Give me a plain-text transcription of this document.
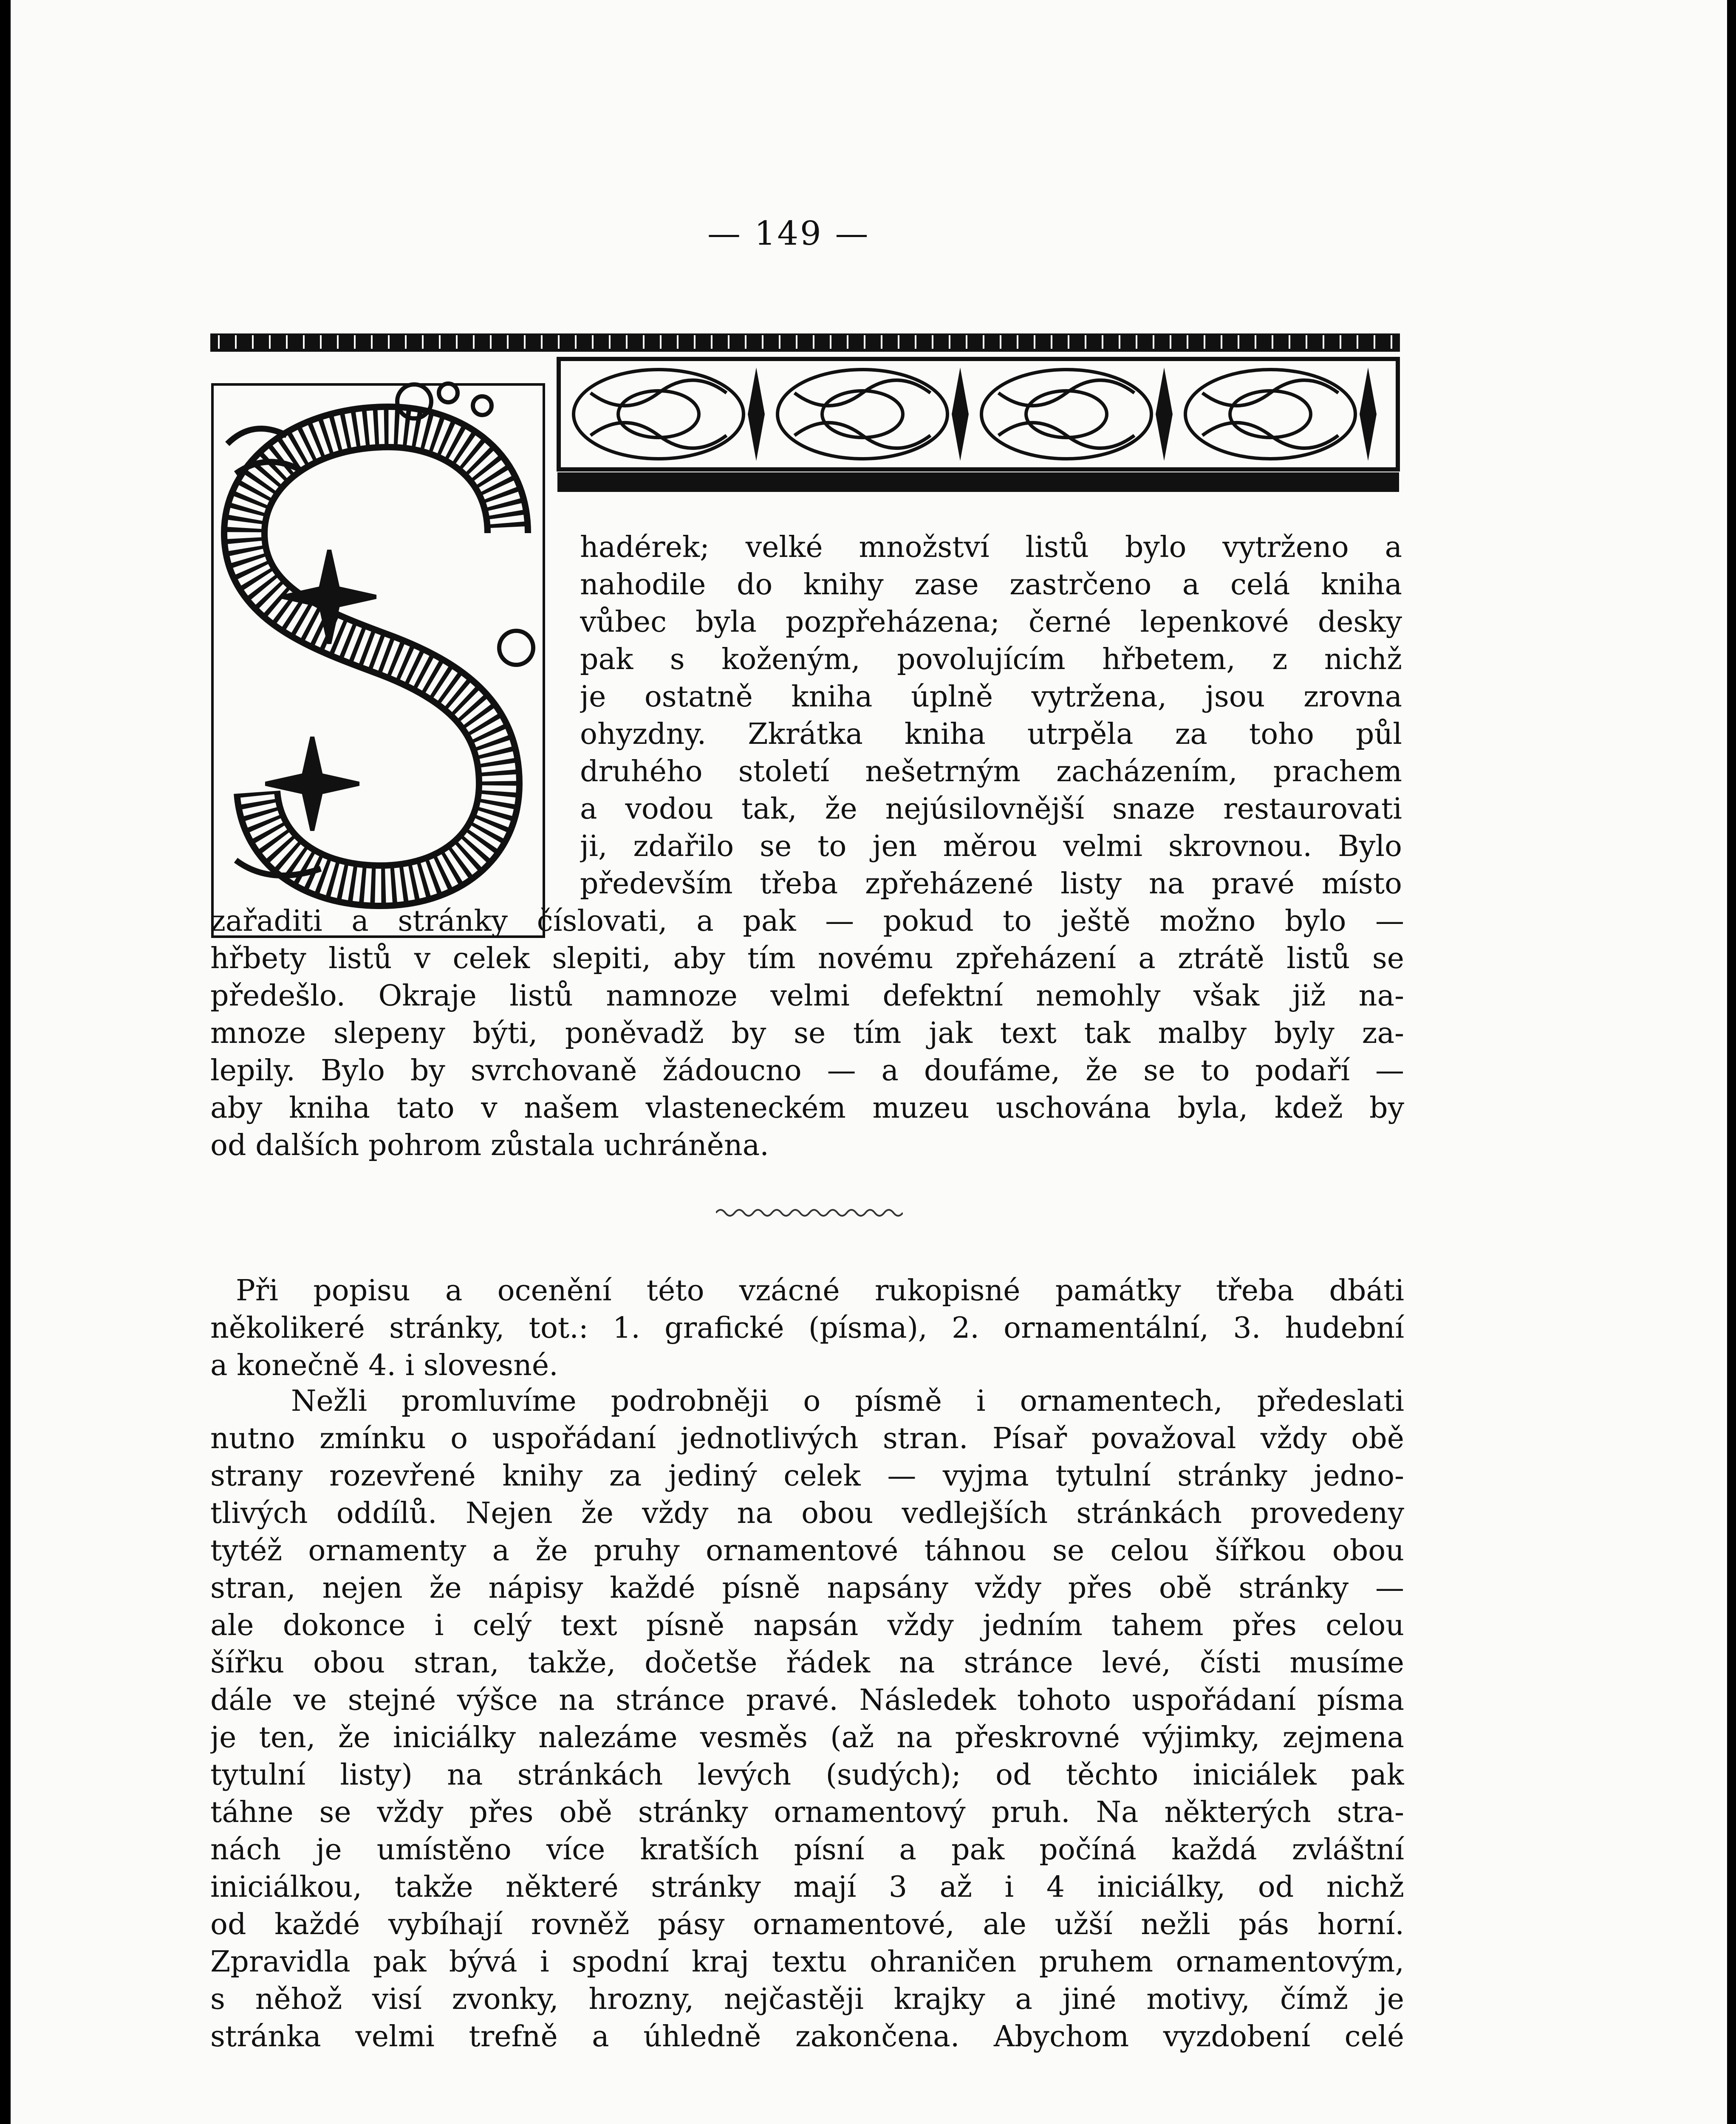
— 149 —
hadérek; velké množství listů bylo vytrženo a
nahodile do knihy zase zastrčeno a celá kniha
vůbec byla pozpřeházena; černé lepenkové desky
pak s koženým, povolujícím hřbetem, z nichž
je ostatně kniha úplně vytržena, jsou zrovna
ohyzdny. Zkrátka kniha utrpěla za toho půl
druhého století nešetrným zacházením, prachem
a vodou tak, že nejúsilovnější snaze restaurovati
ji, zdařilo se to jen měrou velmi skrovnou. Bylo
především třeba zpřeházené listy na pravé místo
zařaditi a stránky číslovati, a pak — pokud to ještě možno bylo —
hřbety listů v celek slepiti, aby tím novému zpřeházení a ztrátě listů se
předešlo. Okraje listů namnoze velmi defektní nemohly však již na-
mnoze slepeny býti, poněvadž by se tím jak text tak malby byly za-
lepily. Bylo by svrchovaně žádoucno — a doufáme, že se to podaří —
aby kniha tato v našem vlasteneckém muzeu uschována byla, kdež by
od dalších pohrom zůstala uchráněna.
Při popisu a ocenění této vzácné rukopisné památky třeba dbáti
několikeré stránky, tot.: 1. grafické (písma), 2. ornamentální, 3. hudební
a konečně 4. i slovesné.
Nežli promluvíme podrobněji o písmě i ornamentech, předeslati
nutno zmínku o uspořádaní jednotlivých stran. Písař považoval vždy obě
strany rozevřené knihy za jediný celek — vyjma tytulní stránky jedno-
tlivých oddílů. Nejen že vždy na obou vedlejších stránkách provedeny
tytéž ornamenty a že pruhy ornamentové táhnou se celou šířkou obou
stran, nejen že nápisy každé písně napsány vždy přes obě stránky —
ale dokonce i celý text písně napsán vždy jedním tahem přes celou
šířku obou stran, takže, dočetše řádek na stránce levé, čísti musíme
dále ve stejné výšce na stránce pravé. Následek tohoto uspořádaní písma
je ten, že iniciálky nalezáme vesměs (až na přeskrovné výjimky, zejmena
tytulní listy) na stránkách levých (sudých); od těchto iniciálek pak
táhne se vždy přes obě stránky ornamentový pruh. Na některých stra-
nách je umístěno více kratších písní a pak počíná každá zvláštní
iniciálkou, takže některé stránky mají 3 až i 4 iniciálky, od nichž
od každé vybíhají rovněž pásy ornamentové, ale užší nežli pás horní.
Zpravidla pak bývá i spodní kraj textu ohraničen pruhem ornamentovým,
s něhož visí zvonky, hrozny, nejčastěji krajky a jiné motivy, čímž je
stránka velmi trefně a úhledně zakončena. Abychom vyzdobení celé
